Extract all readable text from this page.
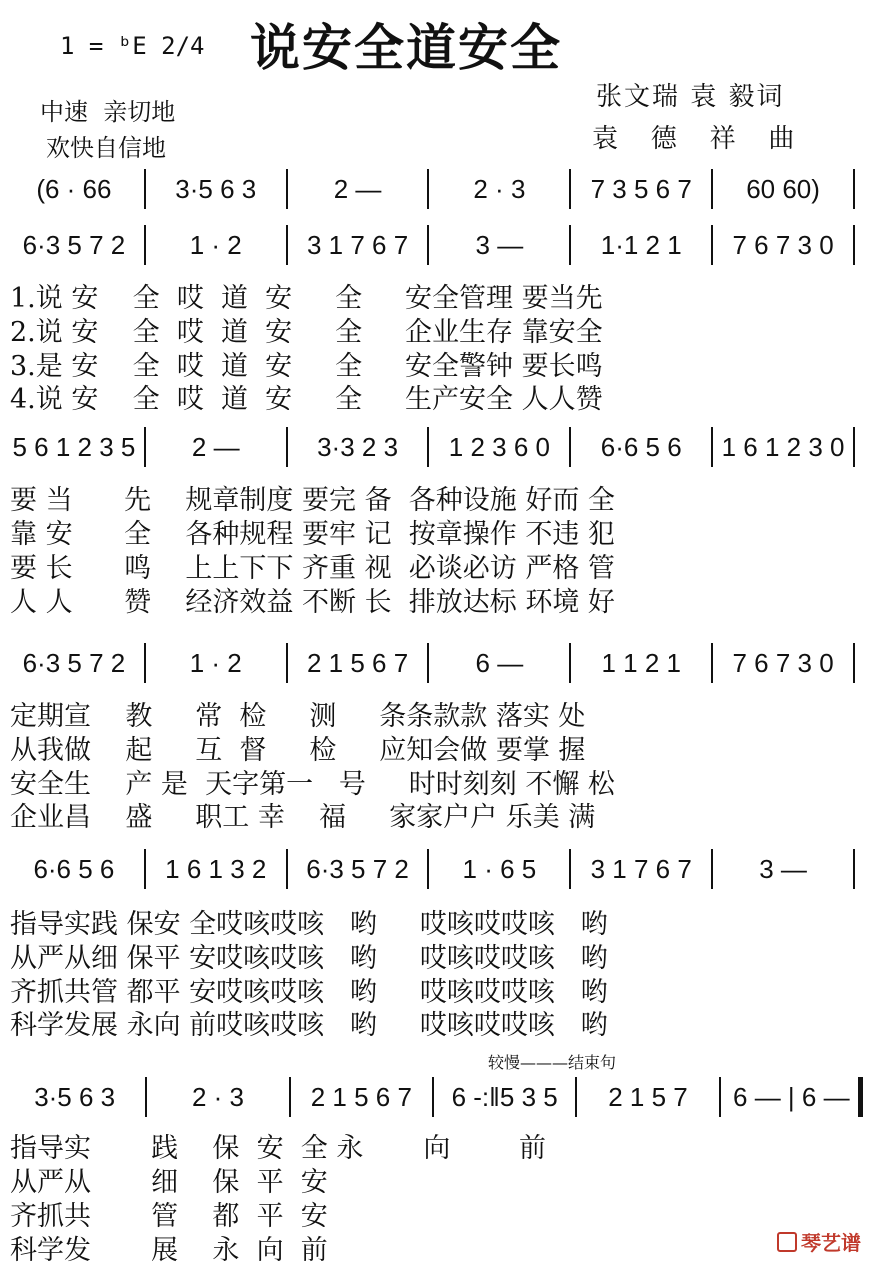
1 = ᵇE 2/4 说安全道安全
中速  亲切地
欢快自信地
张文瑞 袁 毅词
袁   德   祥   曲
(6 · 66	3·5 6 3	2 —	2 · 3	7 3 5 6 7	60 60)
6·3 5 7 2	1 · 2	3 1 7 6 7	3 —	1·1 2 1	7 6 7 3 0
1.说 安    全  哎  道  安     全     安全管理 要当先
2.说 安    全  哎  道  安     全     企业生存 靠安全
3.是 安    全  哎  道  安     全     安全警钟 要长鸣
4.说 安    全  哎  道  安     全     生产安全 人人赞
5 6 1 2 3 5	2 —	3·3 2 3	1 2 3 6 0	6·6 5 6	1 6 1 2 3 0
要 当      先    规章制度 要完 备  各种设施 好而 全
靠 安      全    各种规程 要牢 记  按章操作 不违 犯
要 长      鸣    上上下下 齐重 视  必谈必访 严格 管
人 人      赞    经济效益 不断 长  排放达标 环境 好
6·3 5 7 2	1 · 2	2 1 5 6 7	6 —	1 1 2 1	7 6 7 3 0
定期宣    教     常  检     测     条条款款 落实 处
从我做    起     互  督     检     应知会做 要掌 握
安全生    产 是  天字第一   号     时时刻刻 不懈 松
企业昌    盛     职工 幸    福     家家户户 乐美 满
6·6 5 6	1 6 1 3 2	6·3 5 7 2	1 · 6 5	3 1 7 6 7	3 —
指导实践 保安 全哎咳哎咳   哟     哎咳哎哎咳   哟
从严从细 保平 安哎咳哎咳   哟     哎咳哎哎咳   哟
齐抓共管 都平 安哎咳哎咳   哟     哎咳哎哎咳   哟
科学发展 永向 前哎咳哎咳   哟     哎咳哎哎咳   哟
较慢———结束句
3·5 6 3	2 · 3	2 1 5 6 7	6 -:‖5 3 5	2 1 5 7	6 — | 6 —
指导实       践    保  安  全 永       向        前
从严从       细    保  平  安
齐抓共       管    都  平  安
科学发       展    永  向  前	琴艺谱
